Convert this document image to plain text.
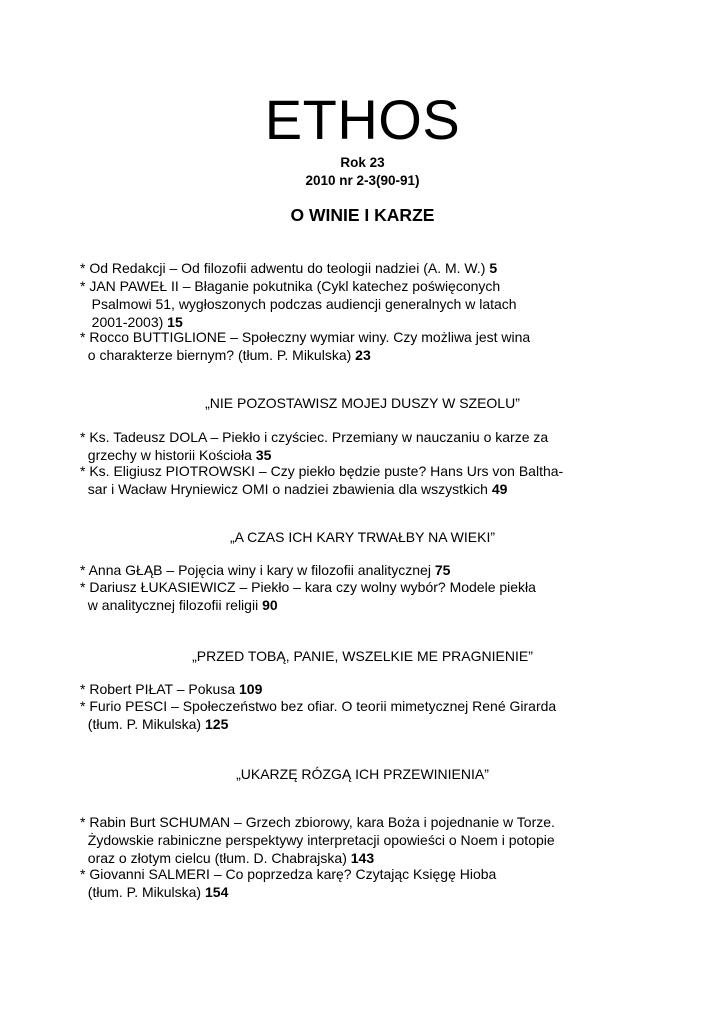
ETHOS
Rok 23
2010 nr 2-3(90-91)
O WINIE I KARZE
* Od Redakcji – Od filozofii adwentu do teologii nadziei (A. M. W.) 5
* JAN PAWEŁ II – Błaganie pokutnika (Cykl katechez poświęconych
Psalmowi 51, wygłoszonych podczas audiencji generalnych w latach
2001-2003) 15
* Rocco BUTTIGLIONE – Społeczny wymiar winy. Czy możliwa jest wina
o charakterze biernym? (tłum. P. Mikulska) 23
„NIE POZOSTAWISZ MOJEJ DUSZY W SZEOLU”
* Ks. Tadeusz DOLA – Piekło i czyściec. Przemiany w nauczaniu o karze za
grzechy w historii Kościoła 35
* Ks. Eligiusz PIOTROWSKI – Czy piekło będzie puste? Hans Urs von Baltha-
sar i Wacław Hryniewicz OMI o nadziei zbawienia dla wszystkich 49
„A CZAS ICH KARY TRWAŁBY NA WIEKI”
* Anna GŁĄB – Pojęcia winy i kary w filozofii analitycznej 75
* Dariusz ŁUKASIEWICZ – Piekło – kara czy wolny wybór? Modele piekła
w analitycznej filozofii religii 90
„PRZED TOBĄ, PANIE, WSZELKIE ME PRAGNIENIE”
* Robert PIŁAT – Pokusa 109
* Furio PESCI – Społeczeństwo bez ofiar. O teorii mimetycznej René Girarda
(tłum. P. Mikulska) 125
„UKARZĘ RÓZGĄ ICH PRZEWINIENIA”
* Rabin Burt SCHUMAN – Grzech zbiorowy, kara Boża i pojednanie w Torze.
Żydowskie rabiniczne perspektywy interpretacji opowieści o Noem i potopie
oraz o złotym cielcu (tłum. D. Chabrajska) 143
* Giovanni SALMERI – Co poprzedza karę? Czytając Księgę Hioba
(tłum. P. Mikulska) 154
